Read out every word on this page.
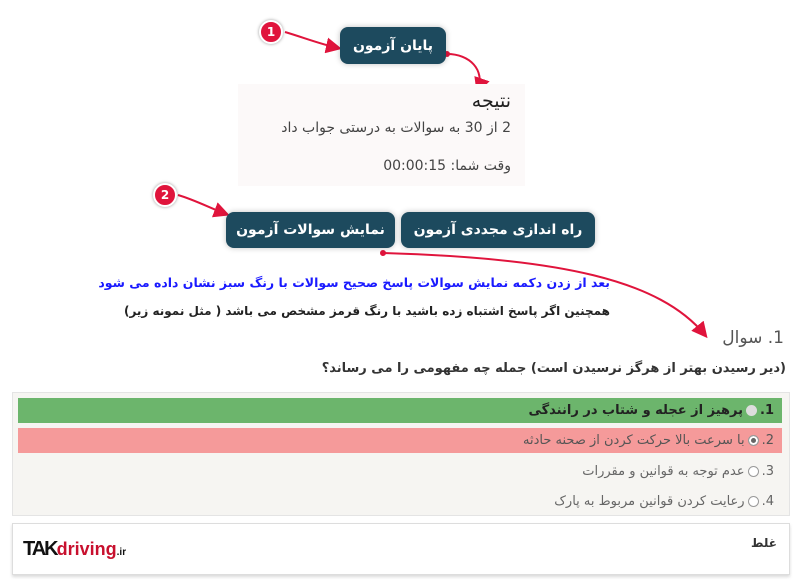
1
پایان آزمون
نتیجه
2 از 30 به سوالات به درستی جواب داد
وقت شما: 00:00:15
2
راه اندازی مجددی آزمون
نمایش سوالات آزمون
بعد از زدن دکمه نمایش سوالات پاسخ صحیح سوالات با رنگ سبز نشان داده می شود
همچنین اگر پاسخ اشتباه زده باشید با رنگ قرمز مشخص می باشد ( مثل نمونه زیر)
1. سوال
(دیر رسیدن بهتر از هرگز نرسیدن است) جمله چه مفهومی را می رساند؟
1.
پرهیز از عجله و شتاب در رانندگی
2.
با سرعت بالا حرکت کردن از صحنه حادثه
3.
عدم توجه به قوانین و مقررات
4.
رعایت کردن قوانین مربوط به پارک
غلط
TAKdriving.ir
